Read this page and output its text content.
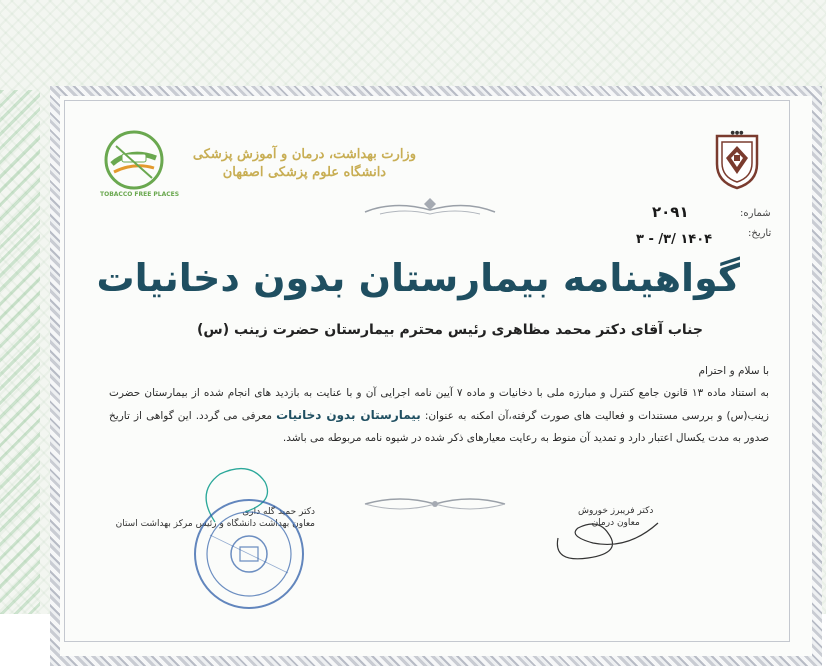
●●●
TOBACCO FREE PLACES
وزارت بهداشت، درمان و آموزش پزشکی
دانشگاه علوم پزشکی اصفهان
شماره:
۲۰۹۱
تاریخ:
۳ - /۳/ ۱۴۰۴
گواهینامه بیمارستان بدون دخانیات
جناب آقای دکتر محمد مظاهری رئیس محترم بیمارستان حضرت زینب (س)
با سلام و احترام
به استناد ماده ۱۳ قانون جامع کنترل و مبارزه ملی با دخانیات و ماده ۷ آیین نامه اجرایی آن و با عنایت به بازدید های انجام شده از بیمارستان حضرت زینب(س) و بررسی مستندات و فعالیت های صورت گرفته،آن امکنه به عنوان: بیمارستان بدون دخانیات معرفی می گردد. این گواهی از تاریخ صدور به مدت یکسال اعتبار دارد و تمدید آن منوط به رعایت معیارهای ذکر شده در شیوه نامه مربوطه می باشد.
دکتر فریبرز خوروش
معاون درمان
دکتر حمید گله داری
معاون بهداشت دانشگاه و رئیس مرکز بهداشت استان
